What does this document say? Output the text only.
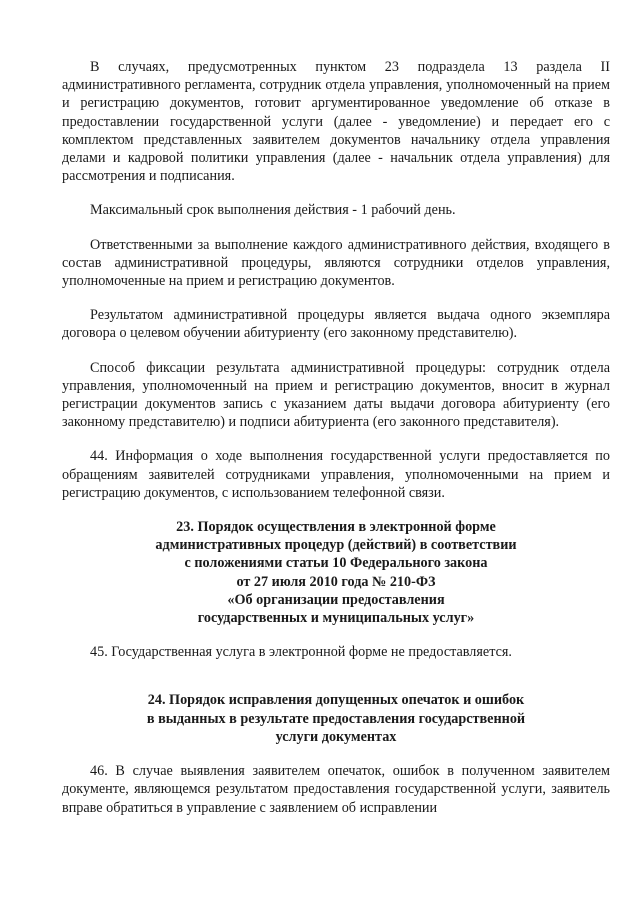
В случаях, предусмотренных пунктом 23 подраздела 13 раздела II административного регламента, сотрудник отдела управления, уполномоченный на прием и регистрацию документов, готовит аргументированное уведомление об отказе в предоставлении государственной услуги (далее - уведомление) и передает его с комплектом представленных заявителем документов начальнику отдела управления делами и кадровой политики управления (далее - начальник отдела управления) для рассмотрения и подписания.

Максимальный срок выполнения действия - 1 рабочий день.

Ответственными за выполнение каждого административного действия, входящего в состав административной процедуры, являются сотрудники отделов управления, уполномоченные на прием и регистрацию документов.

Результатом административной процедуры является выдача одного экземпляра договора о целевом обучении абитуриенту (его законному представителю).

Способ фиксации результата административной процедуры: сотрудник отдела управления, уполномоченный на прием и регистрацию документов, вносит в журнал регистрации документов запись с указанием даты выдачи договора абитуриенту (его законному представителю) и подписи абитуриента (его законного представителя).

44. Информация о ходе выполнения государственной услуги предоставляется по обращениям заявителей сотрудниками управления, уполномоченными на прием и регистрацию документов, с использованием телефонной связи.

23. Порядок осуществления в электронной форме
административных процедур (действий) в соответствии
с положениями статьи 10 Федерального закона
от 27 июля 2010 года № 210-ФЗ
«Об организации предоставления
государственных и муниципальных услуг»

45. Государственная услуга в электронной форме не предоставляется.

24. Порядок исправления допущенных опечаток и ошибок
в выданных в результате предоставления государственной
услуги документах

46. В случае выявления заявителем опечаток, ошибок в полученном заявителем документе, являющемся результатом предоставления государственной услуги, заявитель вправе обратиться в управление с заявлением об исправлении
